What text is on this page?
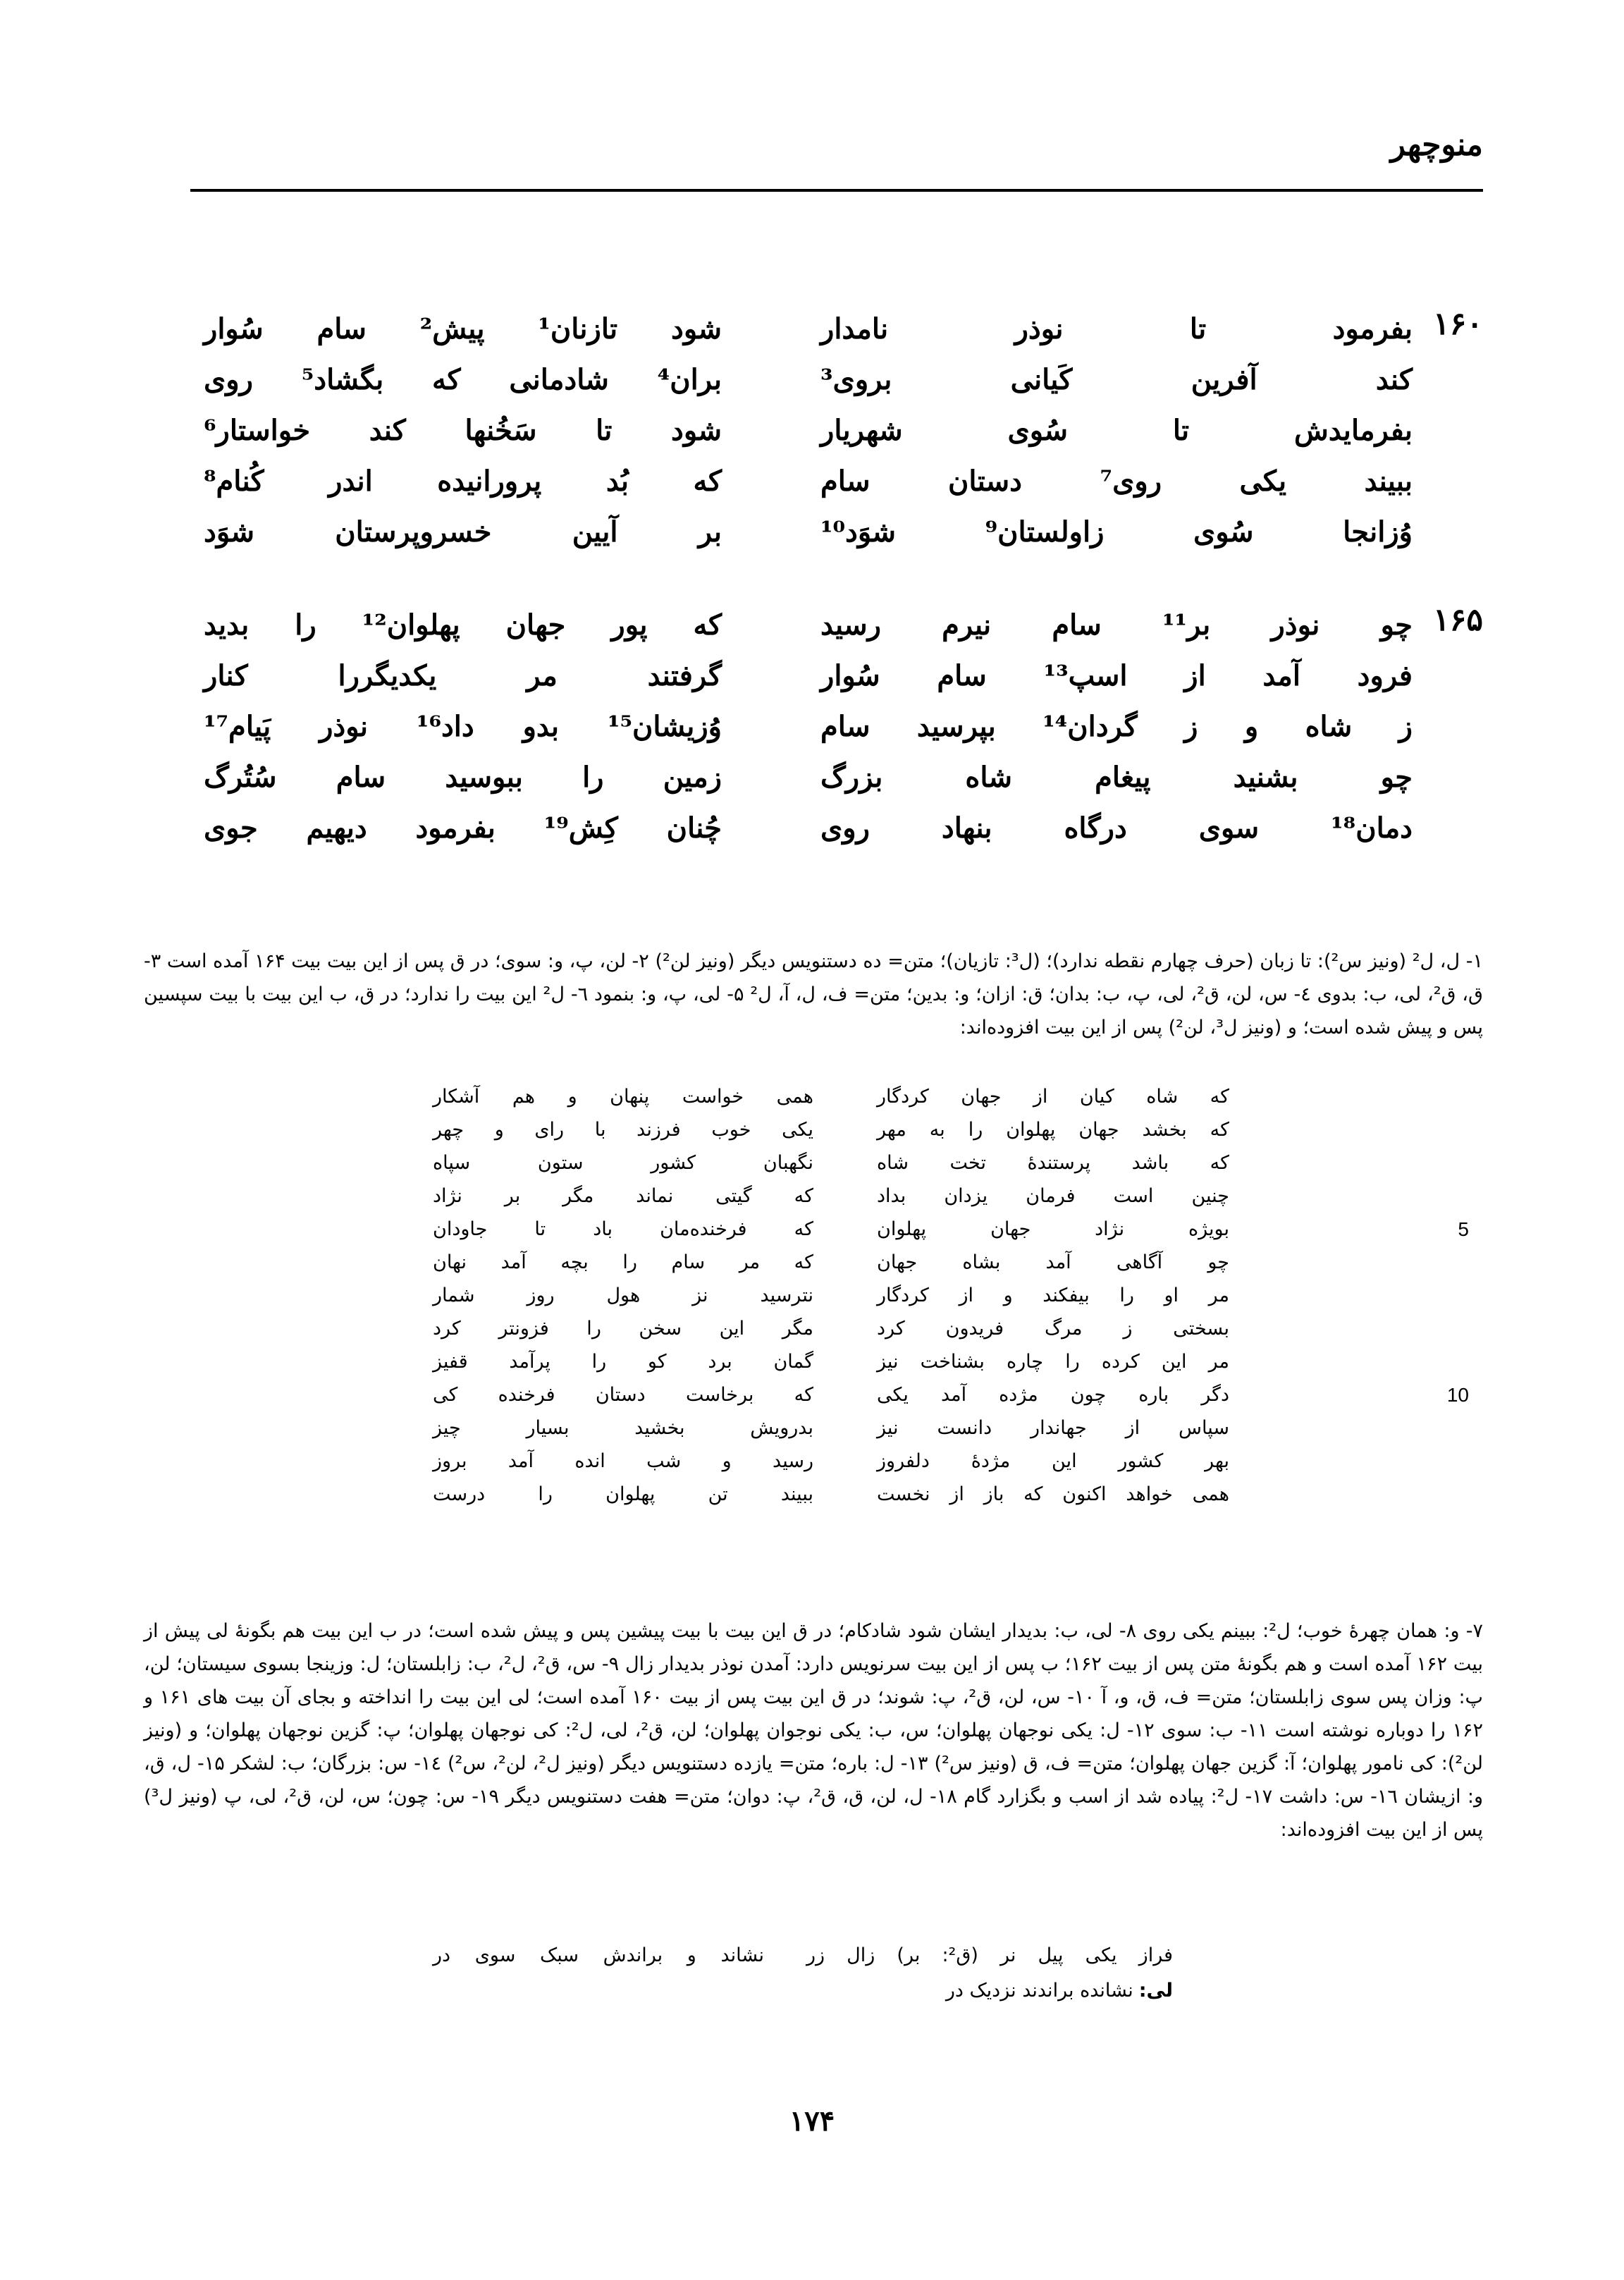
منوچهر
۱۶۰
بفرمود تا نوذر نامدار
شود تازنان¹ پیش² سام سُوار
کند آفرین کَیانی بروی³
بران⁴ شادمانی که بگشاد⁵ روی
بفرمایدش تا سُوی شهریار
شود تا سَخُنها کند خواستار⁶
ببیند یکی روی⁷ دستان سام
که بُد پرورانیده اندر کُنام⁸
وُزانجا سُوی زاولستان⁹ شوَد¹⁰
بر آیین خسروپرستان شوَد
۱۶۵
چو نوذر بر¹¹ سام نیرم رسید
که پور جهان پهلوان¹² را بدید
فرود آمد از اسپ¹³ سام سُوار
گرفتند مر یکدیگررا کنار
ز شاه و ز گردان¹⁴ بپرسید سام
وُزیشان¹⁵ بدو داد¹⁶ نوذر پَیام¹⁷
چو بشنید پیغام شاه بزرگ
زمین را ببوسید سام سُتُرگ
دمان¹⁸ سوی درگاه بنهاد روی
چُنان کِش¹⁹ بفرمود دیهیم جوی
۱- ل، ل² (ونیز س²): تا زبان (حرف چهارم نقطه ندارد)؛ (ل³: تازیان)؛ متن= ده دستنویس دیگر (ونیز لن²) ۲- لن، پ، و: سوی؛ در ق پس از این بیت بیت ۱۶۴ آمده است ۳- ق، ق²، لی، ب: بدوی ٤- س، لن، ق²، لی، پ، ب: بدان؛ ق: ازان؛ و: بدین؛ متن= ف، ل، آ، ل² ۵- لی، پ، و: بنمود ٦- ل² این بیت را ندارد؛ در ق، ب این بیت با بیت سپسین پس و پیش شده است؛ و (ونیز ل³، لن²) پس از این بیت افزوده‌اند:
که شاه کیان از جهان کردگار
همی خواست پنهان و هم آشکار
که بخشد جهان پهلوان را به مهر
یکی خوب فرزند با رای و چهر
که باشد پرستندهٔ تخت شاه
نگهبان کشور ستون سپاه
چنین است فرمان یزدان بداد
که گیتی نماند مگر بر نژاد
5
بویژه نژاد جهان پهلوان
که فرخنده‌مان باد تا جاودان
چو آگاهی آمد بشاه جهان
که مر سام را بچه آمد نهان
مر او را بیفکند و از کردگار
نترسید نز هول روز شمار
بسختی ز مرگ فریدون کرد
مگر این سخن را فزونتر کرد
مر این کرده را چاره بشناخت نیز
گمان برد کو را پرآمد قفیز
10
دگر باره چون مژده آمد یکی
که برخاست دستان فرخنده کی
سپاس از جهاندار دانست نیز
بدرویش بخشید بسیار چیز
بهر کشور این مژدهٔ دلفروز
رسید و شب انده آمد بروز
همی خواهد اکنون که باز از نخست
ببیند تن پهلوان را درست
۷- و: همان چهرهٔ خوب؛ ل²: ببینم یکی روی ۸- لی، ب: بدیدار ایشان شود شادکام؛ در ق این بیت با بیت پیشین پس و پیش شده است؛ در ب این بیت هم بگونهٔ لی پیش از بیت ۱۶۲ آمده است و هم بگونهٔ متن پس از بیت ۱۶۲؛ ب پس از این بیت سرنویس دارد: آمدن نوذر بدیدار زال ۹- س، ق²، ل²، ب: زابلستان؛ ل: وزینجا بسوی سیستان؛ لن، پ: وزان پس سوی زابلستان؛ متن= ف، ق، و، آ ۱۰- س، لن، ق²، پ: شوند؛ در ق این بیت پس از بیت ۱۶۰ آمده است؛ لی این بیت را انداخته و بجای آن بیت های ۱۶۱ و ۱۶۲ را دوباره نوشته است ۱۱- ب: سوی ۱۲- ل: یکی نوجهان پهلوان؛ س، ب: یکی نوجوان پهلوان؛ لن، ق²، لی، ل²: کی نوجهان پهلوان؛ پ: گزین نوجهان پهلوان؛ و (ونیز لن²): کی نامور پهلوان؛ آ: گزین جهان پهلوان؛ متن= ف، ق (ونیز س²) ۱۳- ل: باره؛ متن= یازده دستنویس دیگر (ونیز ل²، لن²، س²) ١٤- س: بزرگان؛ ب: لشکر ۱۵- ل، ق، و: ازیشان ١٦- س: داشت ۱۷- ل²: پیاده شد از اسب و بگزارد گام ۱۸- ل، لن، ق، ق²، پ: دوان؛ متن= هفت دستنویس دیگر ۱۹- س: چون؛ س، لن، ق²، لی، پ (ونیز ل³) پس از این بیت افزوده‌اند:
فراز یکی پیل نر (ق²: بر) زال زر
نشاند و براندش سبک سوی در
لی:
نشانده براندند نزدیک در
۱۷۴
